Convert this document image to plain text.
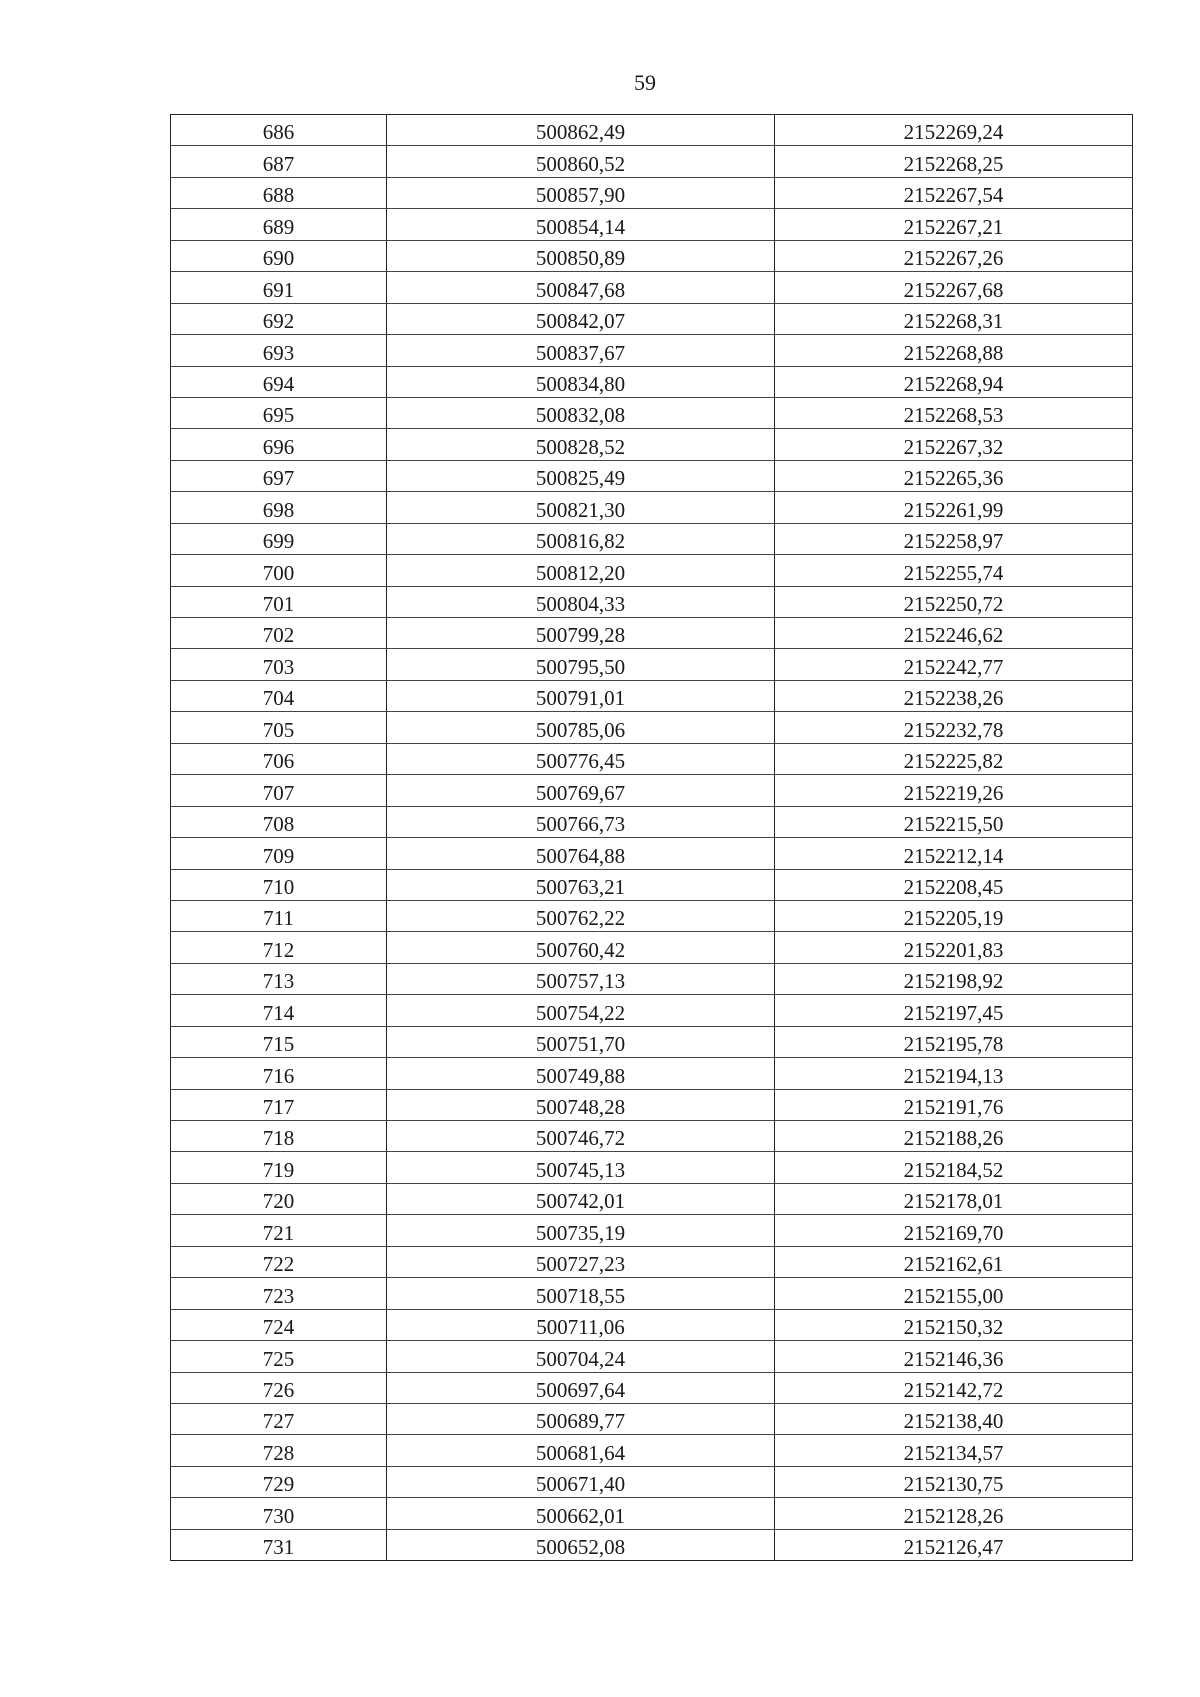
59
686	500862,49	2152269,24
687	500860,52	2152268,25
688	500857,90	2152267,54
689	500854,14	2152267,21
690	500850,89	2152267,26
691	500847,68	2152267,68
692	500842,07	2152268,31
693	500837,67	2152268,88
694	500834,80	2152268,94
695	500832,08	2152268,53
696	500828,52	2152267,32
697	500825,49	2152265,36
698	500821,30	2152261,99
699	500816,82	2152258,97
700	500812,20	2152255,74
701	500804,33	2152250,72
702	500799,28	2152246,62
703	500795,50	2152242,77
704	500791,01	2152238,26
705	500785,06	2152232,78
706	500776,45	2152225,82
707	500769,67	2152219,26
708	500766,73	2152215,50
709	500764,88	2152212,14
710	500763,21	2152208,45
711	500762,22	2152205,19
712	500760,42	2152201,83
713	500757,13	2152198,92
714	500754,22	2152197,45
715	500751,70	2152195,78
716	500749,88	2152194,13
717	500748,28	2152191,76
718	500746,72	2152188,26
719	500745,13	2152184,52
720	500742,01	2152178,01
721	500735,19	2152169,70
722	500727,23	2152162,61
723	500718,55	2152155,00
724	500711,06	2152150,32
725	500704,24	2152146,36
726	500697,64	2152142,72
727	500689,77	2152138,40
728	500681,64	2152134,57
729	500671,40	2152130,75
730	500662,01	2152128,26
731	500652,08	2152126,47
